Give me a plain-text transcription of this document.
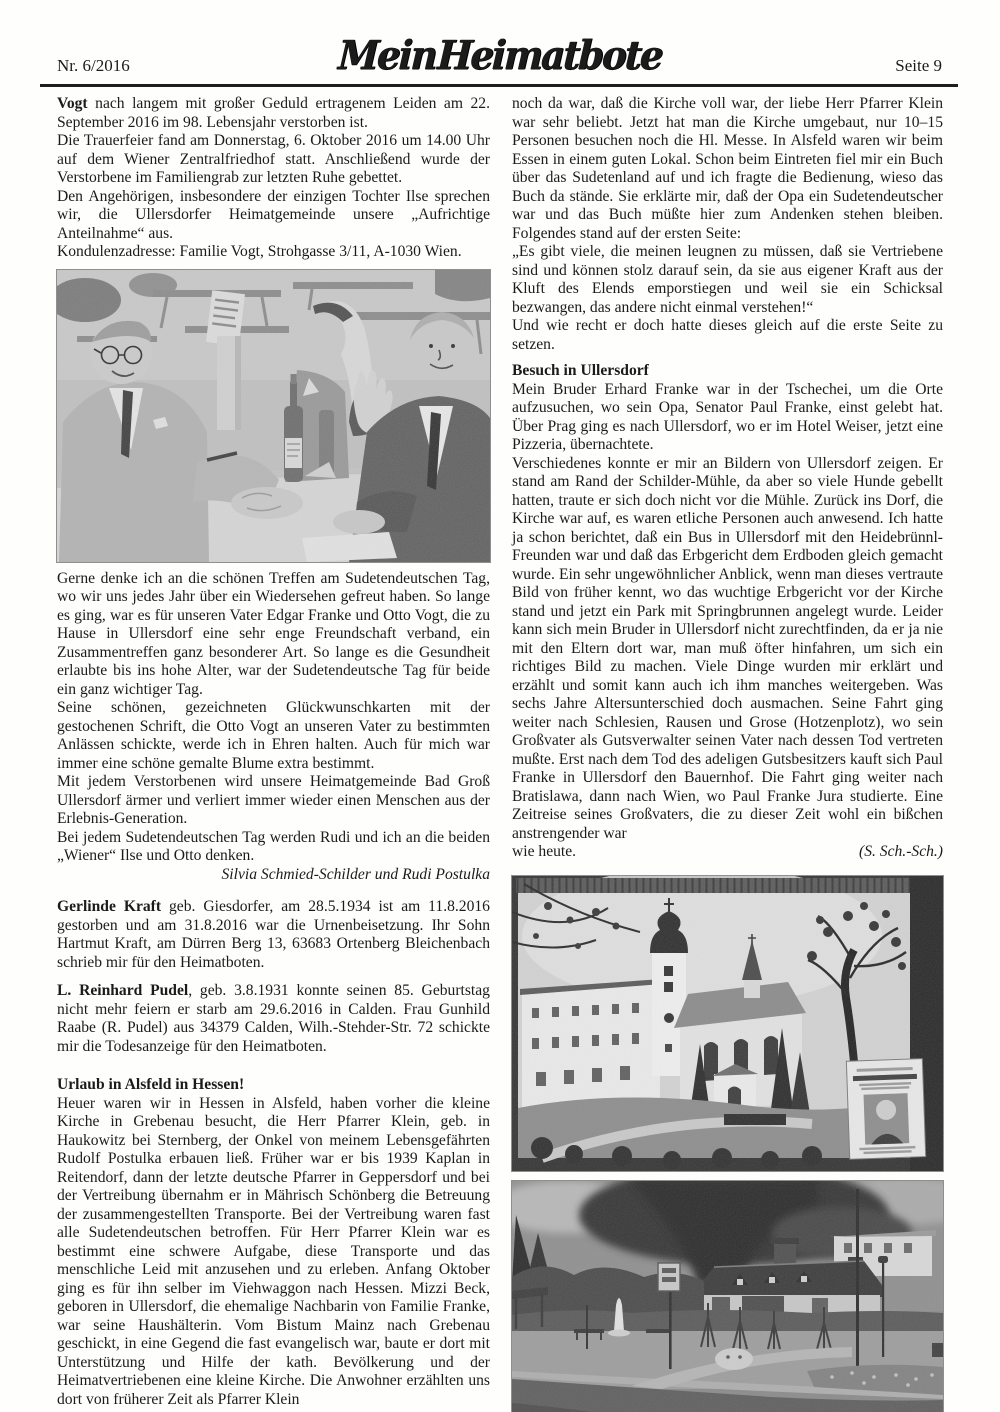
Nr. 6/2016	Mein Heimatbote	Seite 9

Vogt nach langem mit großer Geduld ertragenem Leiden am 22. September 2016 im 98. Lebensjahr verstorben ist.

Die Trauerfeier fand am Donnerstag, 6. Oktober 2016 um 14.00 Uhr auf dem Wiener Zentralfriedhof statt. Anschließend wurde der Verstorbene im Familiengrab zur letzten Ruhe gebettet.

Den Angehörigen, insbesondere der einzigen Tochter Ilse sprechen wir, die Ullersdorfer Heimatgemeinde unsere „Aufrichtige Anteilnahme“ aus.

Kondulenzadresse: Familie Vogt, Strohgasse 3/11, A-1030 Wien.

Gerne denke ich an die schönen Treffen am Sudetendeutschen Tag, wo wir uns jedes Jahr über ein Wiedersehen gefreut haben. So lange es ging, war es für unseren Vater Edgar Franke und Otto Vogt, die zu Hause in Ullersdorf eine sehr enge Freundschaft verband, ein Zusammentreffen ganz besonderer Art. So lange es die Gesundheit erlaubte bis ins hohe Alter, war der Sudetendeutsche Tag für beide ein ganz wichtiger Tag.

Seine schönen, gezeichneten Glückwunschkarten mit der gestochenen Schrift, die Otto Vogt an unseren Vater zu bestimmten Anlässen schickte, werde ich in Ehren halten. Auch für mich war immer eine schöne gemalte Blume extra bestimmt.

Mit jedem Verstorbenen wird unsere Heimatgemeinde Bad Groß Ullersdorf ärmer und verliert immer wieder einen Menschen aus der Erlebnis-Generation.

Bei jedem Sudetendeutschen Tag werden Rudi und ich an die beiden „Wiener“ Ilse und Otto denken.

Silvia Schmied-Schilder und Rudi Postulka

Gerlinde Kraft geb. Giesdorfer, am 28.5.1934 ist am 11.8.2016 gestorben und am 31.8.2016 war die Urnenbeisetzung. Ihr Sohn Hartmut Kraft, am Dürren Berg 13, 63683 Ortenberg Bleichenbach schrieb mir für den Heimatboten.

L. Reinhard Pudel, geb. 3.8.1931 konnte seinen 85. Geburtstag nicht mehr feiern er starb am 29.6.2016 in Calden. Frau Gunhild Raabe (R. Pudel) aus 34379 Calden, Wilh.-Stehder-Str. 72 schickte mir die Todesanzeige für den Heimatboten.

Urlaub in Alsfeld in Hessen!

Heuer waren wir in Hessen in Alsfeld, haben vorher die kleine Kirche in Grebenau besucht, die Herr Pfarrer Klein, geb. in Haukowitz bei Sternberg, der Onkel von meinem Lebensgefährten Rudolf Postulka erbauen ließ. Früher war er bis 1939 Kaplan in Reitendorf, dann der letzte deutsche Pfarrer in Geppersdorf und bei der Vertreibung übernahm er in Mährisch Schönberg die Betreuung der zusammengestellten Transporte. Bei der Vertreibung waren fast alle Sudetendeutschen betroffen. Für Herr Pfarrer Klein war es bestimmt eine schwere Aufgabe, diese Transporte und das menschliche Leid mit anzusehen und zu erleben. Anfang Oktober ging es für ihn selber im Viehwaggon nach Hessen. Mizzi Beck, geboren in Ullersdorf, die ehemalige Nachbarin von Familie Franke, war seine Haushälterin. Vom Bistum Mainz nach Grebenau geschickt, in eine Gegend die fast evangelisch war, baute er dort mit Unterstützung und Hilfe der kath. Bevölkerung und der Heimatvertriebenen eine kleine Kirche. Die Anwohner erzählten uns dort von früherer Zeit als Pfarrer Klein

noch da war, daß die Kirche voll war, der liebe Herr Pfarrer Klein war sehr beliebt. Jetzt hat man die Kirche umgebaut, nur 10–15 Personen besuchen noch die Hl. Messe. In Alsfeld waren wir beim Essen in einem guten Lokal. Schon beim Eintreten fiel mir ein Buch über das Sudetenland auf und ich fragte die Bedienung, wieso das Buch da stände. Sie erklärte mir, daß der Opa ein Sudetendeutscher war und das Buch müßte hier zum Andenken stehen bleiben. Folgendes stand auf der ersten Seite:

„Es gibt viele, die meinen leugnen zu müssen, daß sie Vertriebene sind und können stolz darauf sein, da sie aus eigener Kraft aus der Kluft des Elends emporstiegen und weil sie ein Schicksal bezwangen, das andere nicht einmal verstehen!“

Und wie recht er doch hatte dieses gleich auf die erste Seite zu setzen.

Besuch in Ullersdorf

Mein Bruder Erhard Franke war in der Tschechei, um die Orte aufzusuchen, wo sein Opa, Senator Paul Franke, einst gelebt hat. Über Prag ging es nach Ullersdorf, wo er im Hotel Weiser, jetzt eine Pizzeria, übernachtete.

Verschiedenes konnte er mir an Bildern von Ullersdorf zeigen. Er stand am Rand der Schilder-Mühle, da aber so viele Hunde gebellt hatten, traute er sich doch nicht vor die Mühle. Zurück ins Dorf, die Kirche war auf, es waren etliche Personen auch anwesend. Ich hatte ja schon berichtet, daß ein Bus in Ullersdorf mit den Heidebrünnl-Freunden war und daß das Erbgericht dem Erdboden gleich gemacht wurde. Ein sehr ungewöhnlicher Anblick, wenn man dieses vertraute Bild von früher kennt, wo das wuchtige Erbgericht vor der Kirche stand und jetzt ein Park mit Springbrunnen angelegt wurde. Leider kann sich mein Bruder in Ullersdorf nicht zurechtfinden, da er ja nie mit den Eltern dort war, man muß öfter hinfahren, um sich ein richtiges Bild zu machen. Viele Dinge wurden mir erklärt und erzählt und somit kann auch ich ihm manches weitergeben. Was sechs Jahre Altersunterschied doch ausmachen. Seine Fahrt ging weiter nach Schlesien, Rausen und Grose (Hotzenplotz), wo sein Großvater als Gutsverwalter seinen Vater nach dessen Tod vertreten mußte. Erst nach dem Tod des adeligen Gutsbesitzers kauft sich Paul Franke in Ullersdorf den Bauernhof. Die Fahrt ging weiter nach Bratislawa, dann nach Wien, wo Paul Franke Jura studierte. Eine Zeitreise seines Großvaters, die zu dieser Zeit wohl ein bißchen anstrengender war

wie heute.	(S. Sch.-Sch.)
